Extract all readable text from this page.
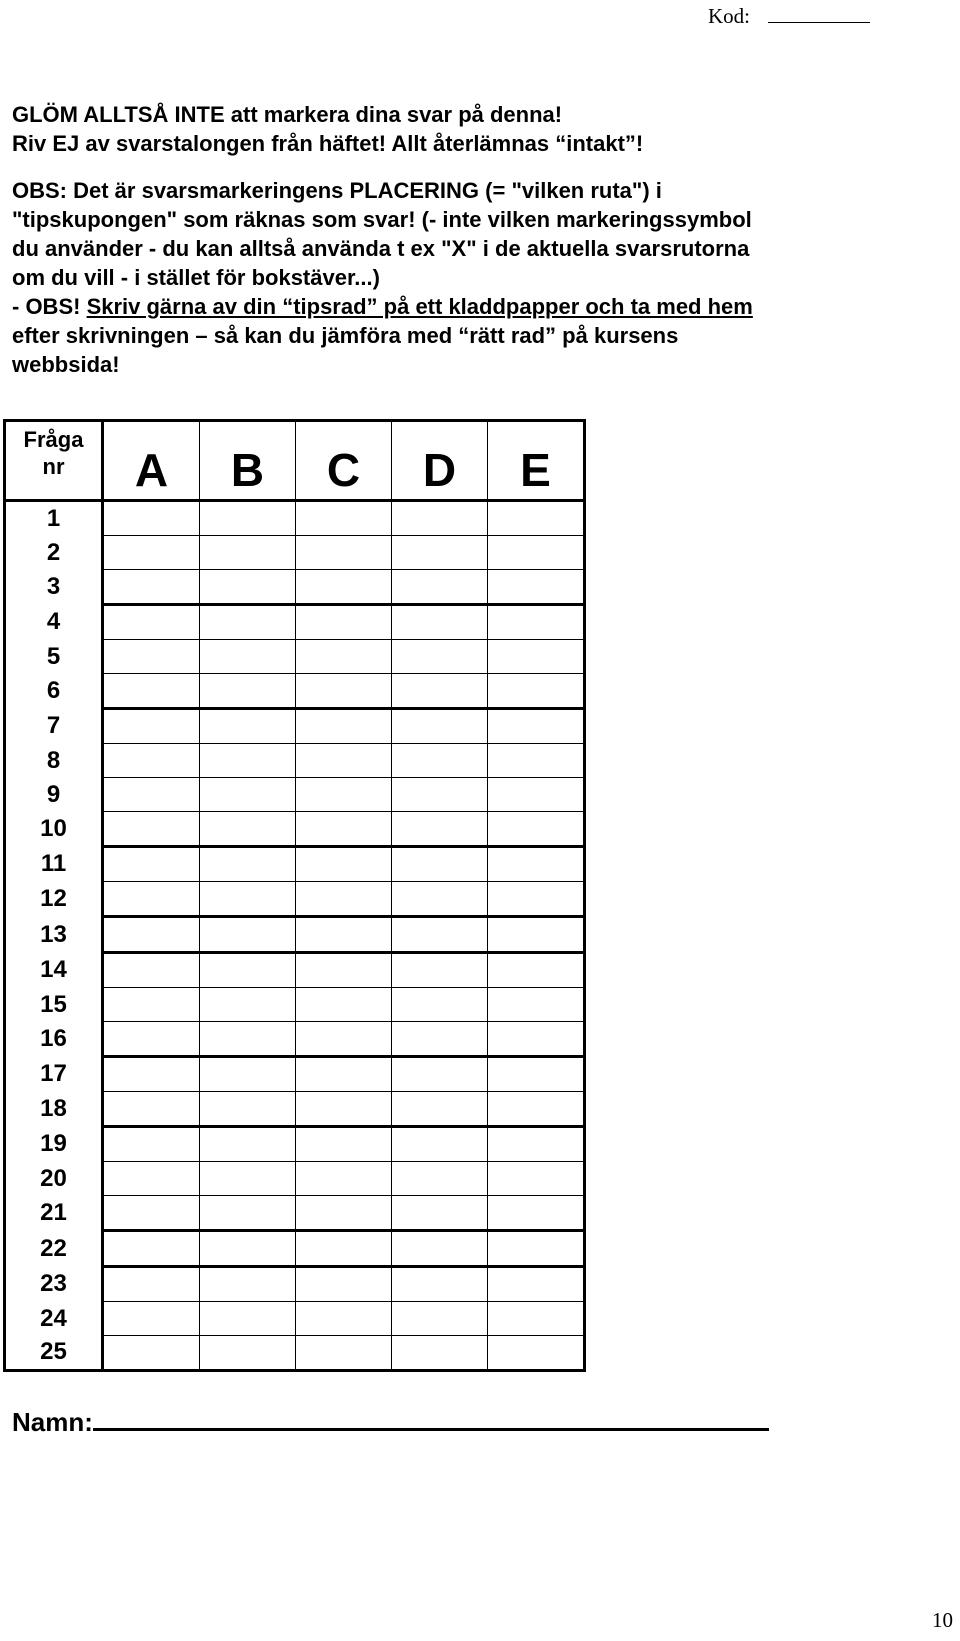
Kod:

GLÖM ALLTSÅ INTE att markera dina svar på denna!

Riv EJ av svarstalongen från häftet! Allt återlämnas “intakt”!

OBS: Det är svarsmarkeringens PLACERING (= "vilken ruta") i

"tipskupongen" som räknas som svar! (- inte vilken markeringssymbol

du använder - du kan alltså använda t ex "X" i de aktuella svarsrutorna

om du vill - i stället för bokstäver...)

- OBS! Skriv gärna av din “tipsrad” på ett kladdpapper och ta med hem

efter skrivningen – så kan du jämföra med “rätt rad” på kursens

webbsida!

Fråga
nr	A	B	C	D	E
1					
2					
3					
4					
5					
6					
7					
8					
9					
10					
11					
12					
13					
14					
15					
16					
17					
18					
19					
20					
21					
22					
23					
24					
25					
Namn:
10
